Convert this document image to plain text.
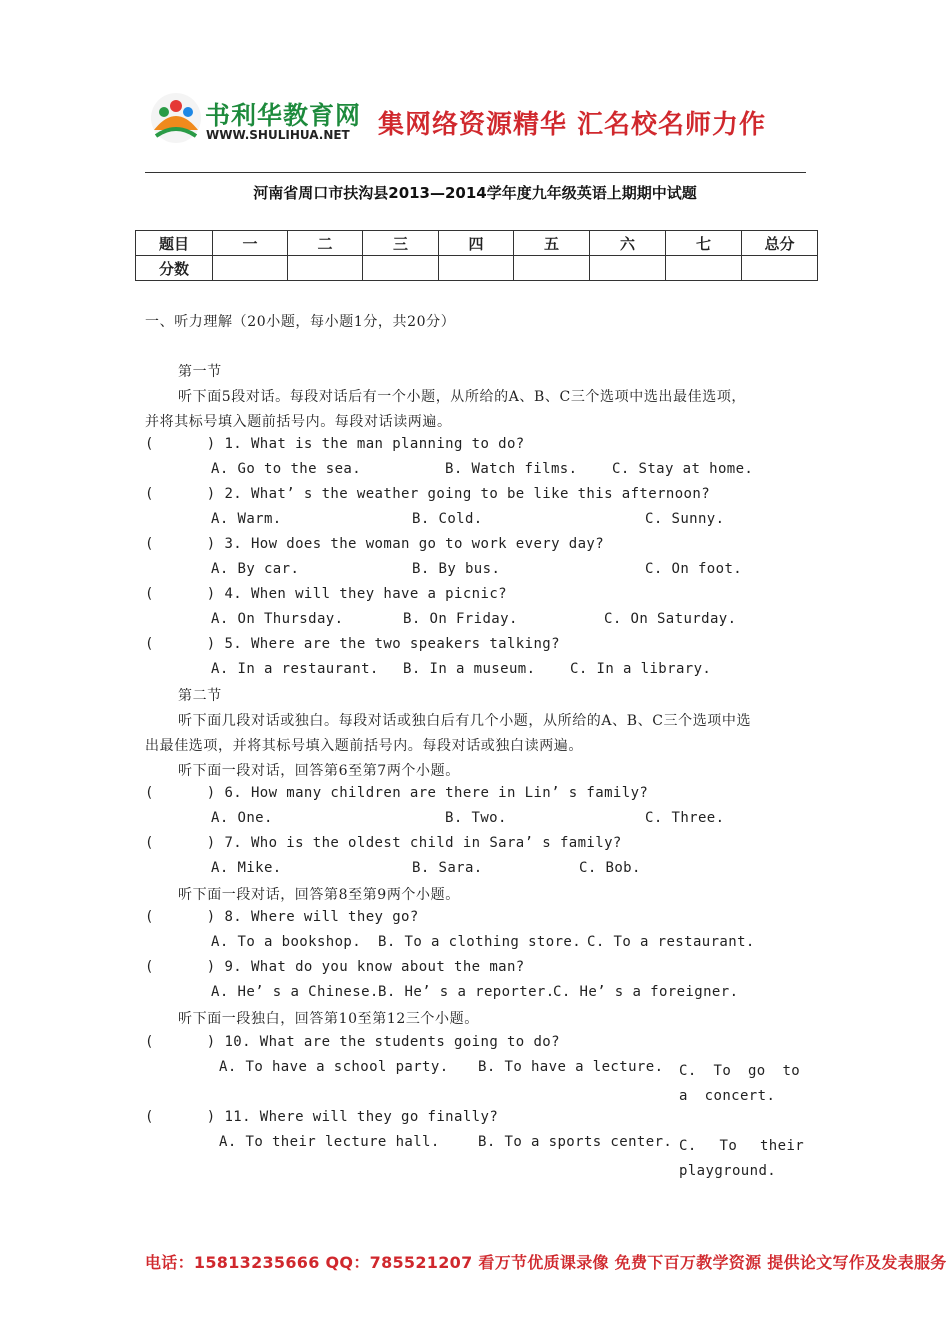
书利华教育网
WWW.SHULIHUA.NET 集网络资源精华 汇名校名师力作
河南省周口市扶沟县2013—2014学年度九年级英语上期期中试题
题目	一	二	三	四	五	六	七	总分
分数								
一、听力理解（20小题，每小题1分，共20分）
第一节
听下面5段对话。每段对话后有一个小题，从所给的A、B、C三个选项中选出最佳选项，
并将其标号填入题前括号内。每段对话读两遍。
(      ) 1. What is the man planning to do?
A. Go to the sea.	B. Watch films. C. Stay at home.
(      ) 2. What’ s the weather going to be like this afternoon?
A. Warm.	B. Cold.	C. Sunny.
(      ) 3. How does the woman go to work every day?
A. By car.	B. By bus.	C. On foot.
(      ) 4. When will they have a picnic?
A. On Thursday.	B. On Friday.	C. On Saturday.
(      ) 5. Where are the two speakers talking?
A. In a restaurant. B. In a museum. C. In a library.
第二节
听下面几段对话或独白。每段对话或独白后有几个小题，从所给的A、B、C三个选项中选
出最佳选项，并将其标号填入题前括号内。每段对话或独白读两遍。
听下面一段对话，回答第6至第7两个小题。
(      ) 6. How many children are there in Lin’ s family?
A. One.	B. Two.	C. Three.
(      ) 7. Who is the oldest child in Sara’ s family?
A. Mike.	B. Sara.	C. Bob.
听下面一段对话，回答第8至第9两个小题。
(      ) 8. Where will they go?
A. To a bookshop. B. To a clothing store. C. To a restaurant.
(      ) 9. What do you know about the man?
A. He’ s a Chinese. B. He’ s a reporter.
C. He’ s a foreigner.
听下面一段独白，回答第10至第12三个小题。
(      ) 10. What are the students going to do?
A. To have a school party. B. To have a lecture. C. To go to a concert.
(      ) 11. Where will they go finally?
A. To their lecture hall.	B. To a sports center. C. To their playground.
电话：15813235666 QQ：785521207 看万节优质课录像 免费下百万教学资源 提供论文写作及发表服务
